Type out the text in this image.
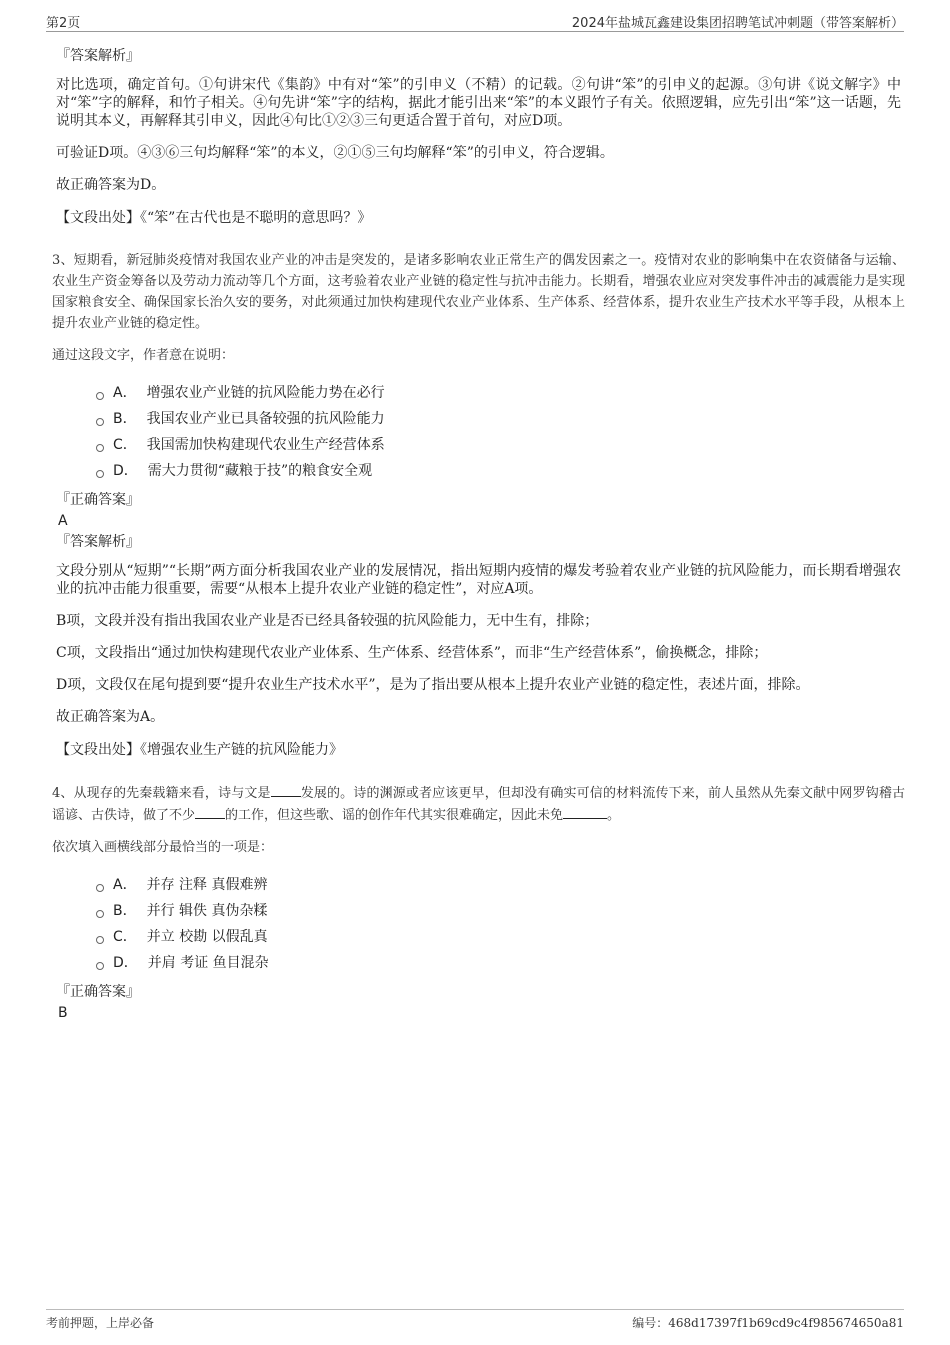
第2页	2024年盐城瓦鑫建设集团招聘笔试冲刺题（带答案解析）
『答案解析』

对比选项，确定首句。①句讲宋代《集韵》中有对“笨”的引申义（不精）的记载。②句讲“笨”的引申义的起源。③句讲《说文解字》中对“笨”字的解释，和竹子相关。④句先讲“笨”字的结构，据此才能引出来“笨”的本义跟竹子有关。依照逻辑，应先引出“笨”这一话题，先说明其本义，再解释其引申义，因此④句比①②③三句更适合置于首句，对应D项。

可验证D项。④③⑥三句均解释“笨”的本义，②①⑤三句均解释“笨”的引申义，符合逻辑。

故正确答案为D。

【文段出处】《“笨”在古代也是不聪明的意思吗？》
3、短期看，新冠肺炎疫情对我国农业产业的冲击是突发的，是诸多影响农业正常生产的偶发因素之一。疫情对农业的影响集中在农资储备与运输、农业生产资金筹备以及劳动力流动等几个方面，这考验着农业产业链的稳定性与抗冲击能力。长期看，增强农业应对突发事件冲击的减震能力是实现国家粮食安全、确保国家长治久安的要务，对此须通过加快构建现代农业产业体系、生产体系、经营体系，提升农业生产技术水平等手段，从根本上提升农业产业链的稳定性。
通过这段文字，作者意在说明：
A． 增强农业产业链的抗风险能力势在必行
B． 我国农业产业已具备较强的抗风险能力
C． 我国需加快构建现代农业生产经营体系
D． 需大力贯彻“藏粮于技”的粮食安全观
『正确答案』
A
『答案解析』

文段分别从“短期”“长期”两方面分析我国农业产业的发展情况，指出短期内疫情的爆发考验着农业产业链的抗风险能力，而长期看增强农业的抗冲击能力很重要，需要“从根本上提升农业产业链的稳定性”，对应A项。

B项，文段并没有指出我国农业产业是否已经具备较强的抗风险能力，无中生有，排除；

C项，文段指出“通过加快构建现代农业产业体系、生产体系、经营体系”，而非“生产经营体系”，偷换概念，排除；

D项，文段仅在尾句提到要“提升农业生产技术水平”，是为了指出要从根本上提升农业产业链的稳定性，表述片面，排除。

故正确答案为A。

【文段出处】《增强农业生产链的抗风险能力》
4、从现存的先秦载籍来看，诗与文是 发展的。诗的渊源或者应该更早，但却没有确实可信的材料流传下来，前人虽然从先秦文献中网罗钩稽古谣谚、古佚诗，做了不少 的工作，但这些歌、谣的创作年代其实很难确定，因此未免	。
依次填入画横线部分最恰当的一项是：
A． 并存 注释 真假难辨
B． 并行 辑佚 真伪杂糅
C． 并立 校勘 以假乱真
D． 并肩 考证 鱼目混杂
『正确答案』
B
考前押题，上岸必备	编号：468d17397f1b69cd9c4f985674650a81
